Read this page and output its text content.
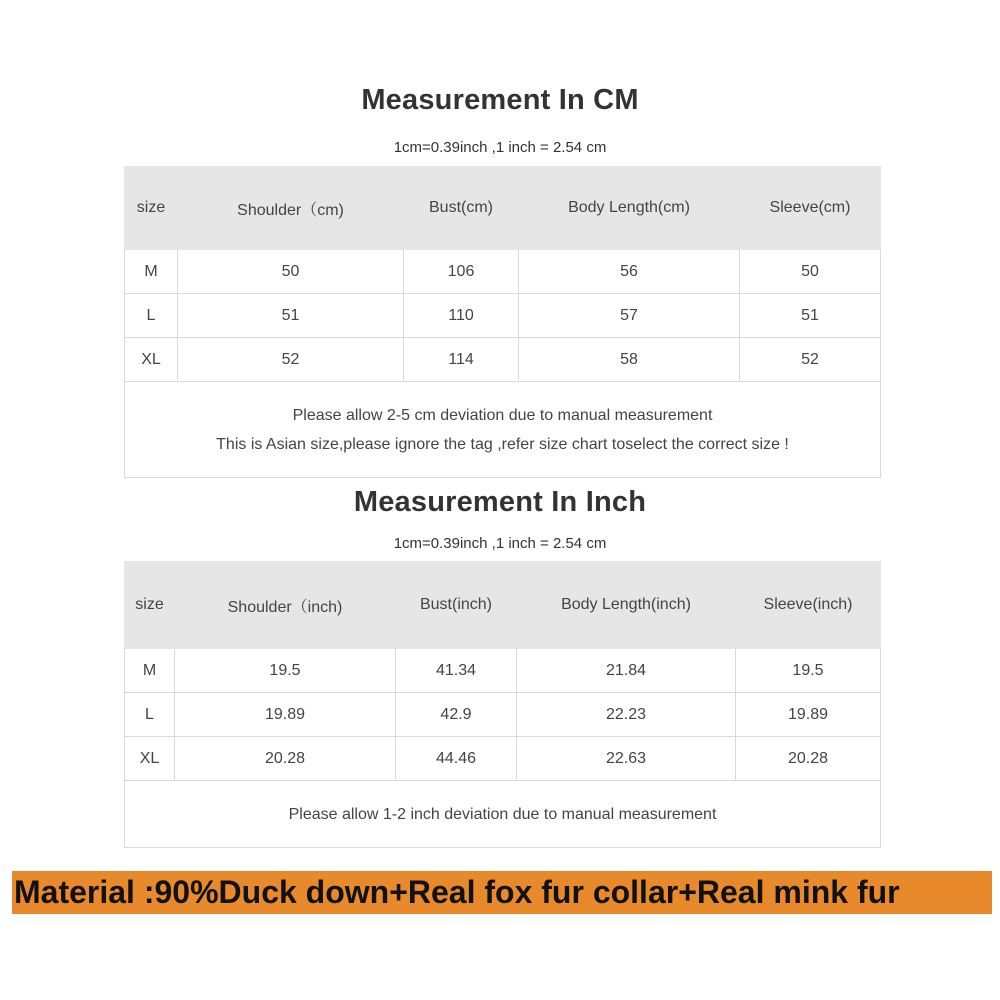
Measurement In CM
1cm=0.39inch ,1 inch = 2.54 cm
size	Shoulder（cm)	Bust(cm)	Body Length(cm)	Sleeve(cm)
M	50	106	56	50
L	51	110	57	51
XL	52	114	58	52

Please allow 2-5 cm deviation due to manual measurement
This is Asian size,please ignore the tag ,refer size chart toselect the correct size !				
Measurement In Inch
1cm=0.39inch ,1 inch = 2.54 cm
size	Shoulder（inch)	Bust(inch)	Body Length(inch)	Sleeve(inch)
M	19.5	41.34	21.84	19.5
L	19.89	42.9	22.23	19.89
XL	20.28	44.46	22.63	20.28

Please allow 1-2 inch deviation due to manual measurement				
Material :90%Duck down+Real fox fur collar+Real mink fur
